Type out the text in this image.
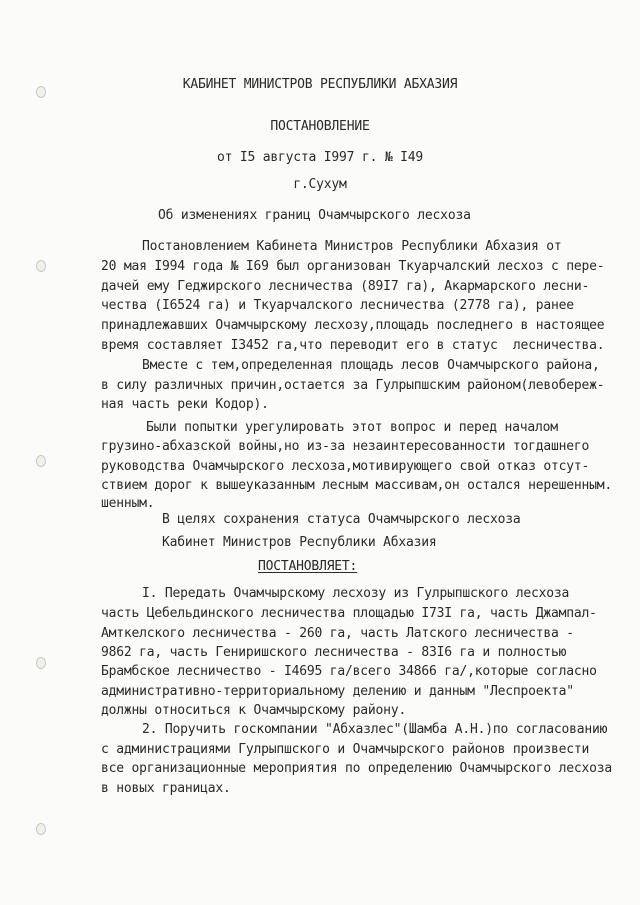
КАБИНЕТ МИНИСТРОВ РЕСПУБЛИКИ АБХАЗИЯ
ПОСТАНОВЛЕНИЕ
от I5 августа I997 г. № I49
г.Сухум
Об изменениях границ Очамчырского лесхоза
Постановлением Кабинета Министров Республики Абхазия от
20 мая I994 года № I69 был организован Ткуарчалский лесхоз с пере-
дачей ему Геджирского лесничества (89I7 га), Акармарского лесни-
чества (I6524 га) и Ткуарчалского лесничества (2778 га), ранее
принадлежавших Очамчырскому лесхозу,площадь последнего в настоящее
время составляет I3452 га,что переводит его в статус  лесничества.
Вместе с тем,определенная площадь лесов Очамчырского района,
в силу различных причин,остается за Гулрыпшским районом(левобереж-
ная часть реки Кодор).
Были попытки урегулировать этот вопрос и перед началом
грузино-абхазской войны,но из-за незаинтересованности тогдашнего
руководства Очамчырского лесхоза,мотивирующего свой отказ отсут-
ствием дорог к вышеуказанным лесным массивам,он остался нерешенным.
шенным.
В целях сохранения статуса Очамчырского лесхоза
Кабинет Министров Республики Абхазия
ПОСТАНОВЛЯЕТ:
I. Передать Очамчырскому лесхозу из Гулрыпшского лесхоза
часть Цебельдинского лесничества площадью I73I га, часть Джампал-
Амткелского лесничества - 260 га, часть Латского лесничества -
9862 га, часть Гениришского лесничества - 83I6 га и полностью
Брамбское лесничество - I4695 га/всего 34866 га/,которые согласно
административно-территориальному делению и данным "Леспроекта"
должны относиться к Очамчырскому району.
2. Поручить госкомпании "Абхазлес"(Шамба А.Н.)по согласованию
с администрациями Гулрыпшского и Очамчырского районов произвести
все организационные мероприятия по определению Очамчырского лесхоза
в новых границах.
